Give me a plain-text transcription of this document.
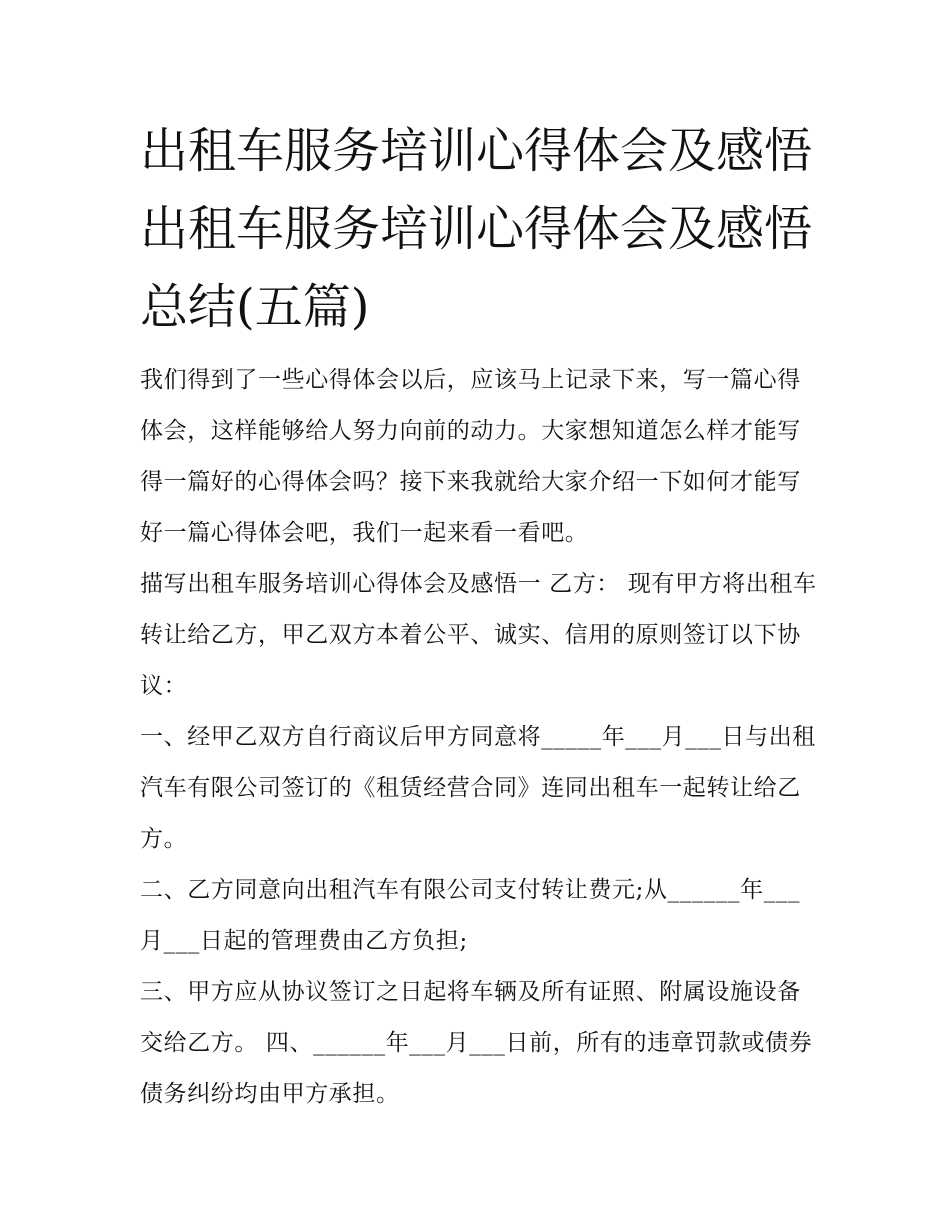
出租车服务培训心得体会及感悟 出租车服务培训心得体会及感悟总结(五篇)

我们得到了一些心得体会以后，应该马上记录下来，写一篇心得体会，这样能够给人努力向前的动力。大家想知道怎么样才能写得一篇好的心得体会吗？接下来我就给大家介绍一下如何才能写好一篇心得体会吧，我们一起来看一看吧。

描写出租车服务培训心得体会及感悟一 乙方： 现有甲方将出租车转让给乙方，甲乙双方本着公平、诚实、信用的原则签订以下协议：

一、经甲乙双方自行商议后甲方同意将_____年___月___日与出租汽车有限公司签订的《租赁经营合同》连同出租车一起转让给乙方。

二、乙方同意向出租汽车有限公司支付转让费元;从______年___月___日起的管理费由乙方负担;

三、甲方应从协议签订之日起将车辆及所有证照、附属设施设备交给乙方。 四、______年___月___日前，所有的违章罚款或债券债务纠纷均由甲方承担。
